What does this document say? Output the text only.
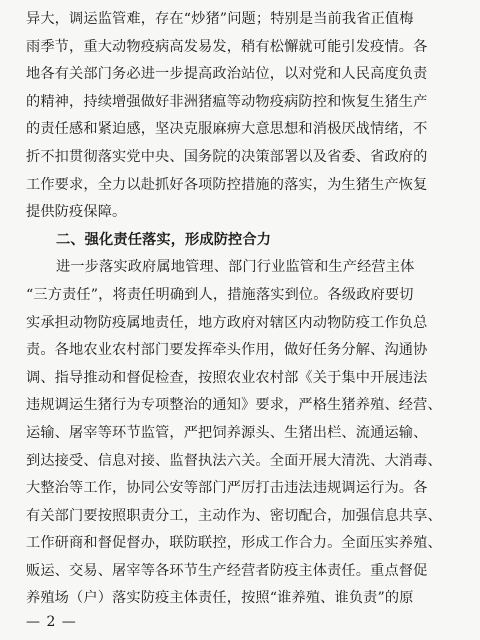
异大，调运监管难，存在“炒猪”问题；特别是当前我省正值梅
雨季节，重大动物疫病高发易发，稍有松懈就可能引发疫情。各
地各有关部门务必进一步提高政治站位，以对党和人民高度负责
的精神，持续增强做好非洲猪瘟等动物疫病防控和恢复生猪生产
的责任感和紧迫感，坚决克服麻痹大意思想和消极厌战情绪，不
折不扣贯彻落实党中央、国务院的决策部署以及省委、省政府的
工作要求，全力以赴抓好各项防控措施的落实，为生猪生产恢复
提供防疫保障。
二、强化责任落实，形成防控合力
进一步落实政府属地管理、部门行业监管和生产经营主体
“三方责任”，将责任明确到人，措施落实到位。各级政府要切
实承担动物防疫属地责任，地方政府对辖区内动物防疫工作负总
责。各地农业农村部门要发挥牵头作用，做好任务分解、沟通协
调、指导推动和督促检查，按照农业农村部《关于集中开展违法
违规调运生猪行为专项整治的通知》要求，严格生猪养殖、经营、
运输、屠宰等环节监管，严把饲养源头、生猪出栏、流通运输、
到达接受、信息对接、监督执法六关。全面开展大清洗、大消毒、
大整治等工作，协同公安等部门严厉打击违法违规调运行为。各
有关部门要按照职责分工，主动作为、密切配合，加强信息共享、
工作研商和督促督办，联防联控，形成工作合力。全面压实养殖、
贩运、交易、屠宰等各环节生产经营者防疫主体责任。重点督促
养殖场（户）落实防疫主体责任，按照“谁养殖、谁负责”的原
— 2 —
